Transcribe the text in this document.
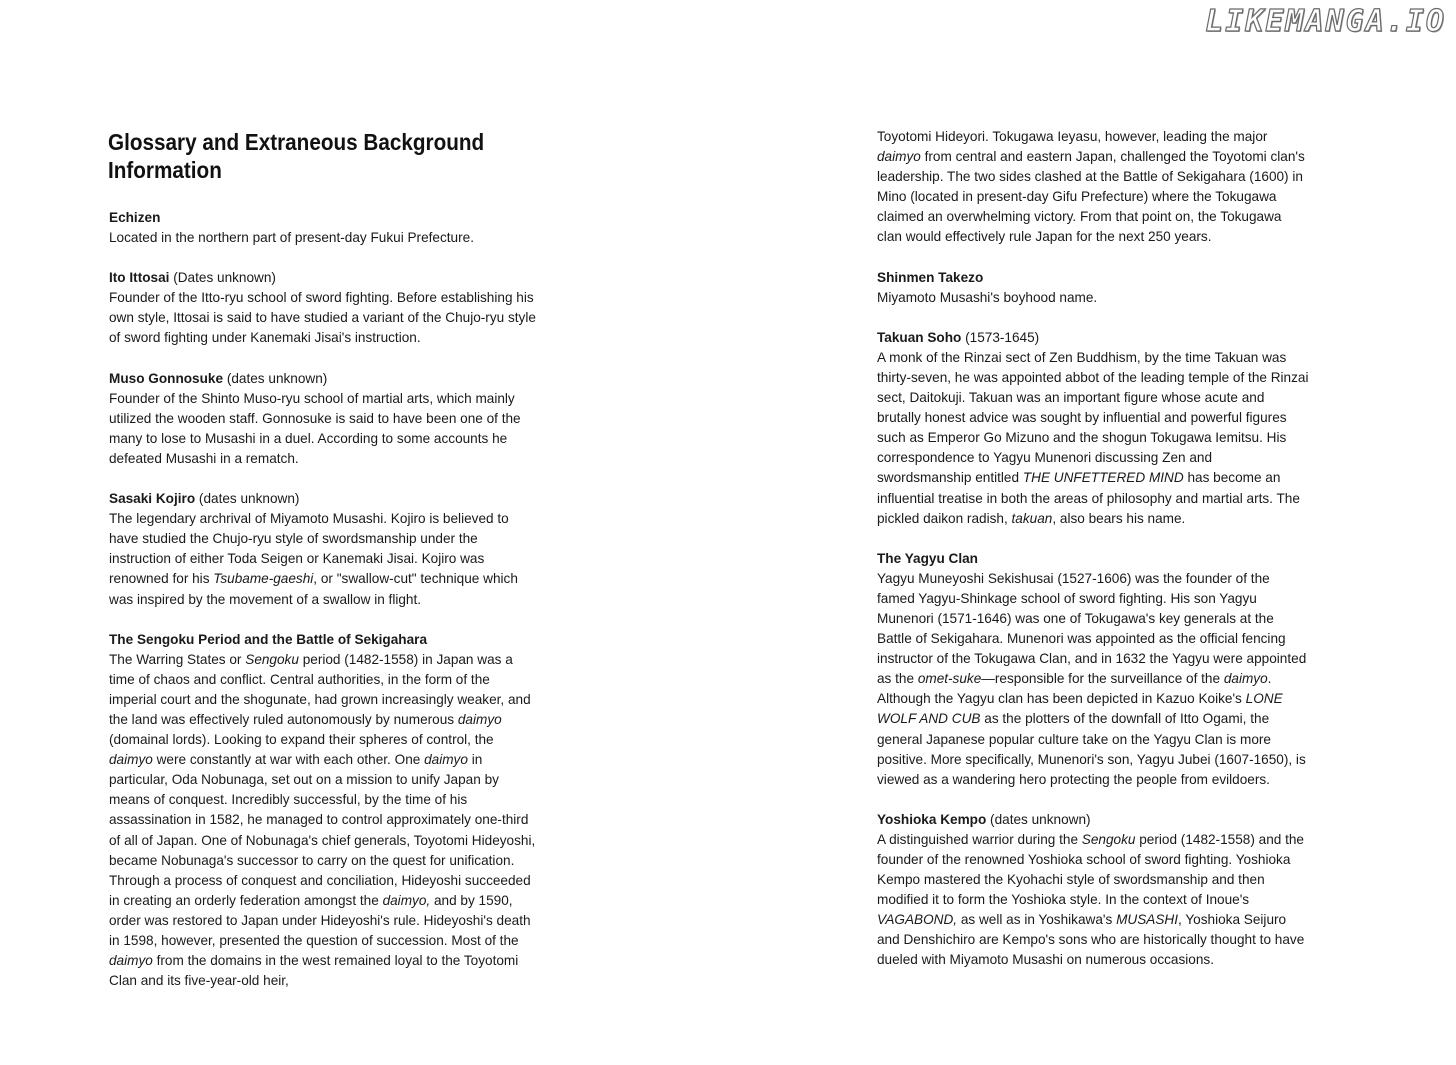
LIKEMANGA.IO
Glossary and Extraneous Background Information
Echizen

Located in the northern part of present-day Fukui Prefecture.

Ito Ittosai (Dates unknown)

Founder of the Itto-ryu school of sword fighting. Before establishing his own style, Ittosai is said to have studied a variant of the Chujo-ryu style of sword fighting under Kanemaki Jisai's instruction.

Muso Gonnosuke (dates unknown)

Founder of the Shinto Muso-ryu school of martial arts, which mainly utilized the wooden staff. Gonnosuke is said to have been one of the many to lose to Musashi in a duel. According to some accounts he defeated Musashi in a rematch.

Sasaki Kojiro (dates unknown)

The legendary archrival of Miyamoto Musashi. Kojiro is believed to have studied the Chujo-ryu style of swordsmanship under the instruction of either Toda Seigen or Kanemaki Jisai. Kojiro was renowned for his Tsubame-gaeshi, or "swallow-cut" technique which was inspired by the movement of a swallow in flight.

The Sengoku Period and the Battle of Sekigahara

The Warring States or Sengoku period (1482-1558) in Japan was a time of chaos and conflict. Central authorities, in the form of the imperial court and the shogunate, had grown increasingly weaker, and the land was effectively ruled autonomously by numerous daimyo (domainal lords). Looking to expand their spheres of control, the daimyo were constantly at war with each other. One daimyo in particular, Oda Nobunaga, set out on a mission to unify Japan by means of conquest. Incredibly successful, by the time of his assassination in 1582, he managed to control approximately one-third of all of Japan. One of Nobunaga's chief generals, Toyotomi Hideyoshi, became Nobunaga's successor to carry on the quest for unification. Through a process of conquest and conciliation, Hideyoshi succeeded in creating an orderly federation amongst the daimyo, and by 1590, order was restored to Japan under Hideyoshi's rule. Hideyoshi's death in 1598, however, presented the question of succession. Most of the daimyo from the domains in the west remained loyal to the Toyotomi Clan and its five-year-old heir,

Toyotomi Hideyori. Tokugawa Ieyasu, however, leading the major daimyo from central and eastern Japan, challenged the Toyotomi clan's leadership. The two sides clashed at the Battle of Sekigahara (1600) in Mino (located in present-day Gifu Prefecture) where the Tokugawa claimed an overwhelming victory. From that point on, the Tokugawa clan would effectively rule Japan for the next 250 years.

Shinmen Takezo

Miyamoto Musashi's boyhood name.

Takuan Soho (1573-1645)

A monk of the Rinzai sect of Zen Buddhism, by the time Takuan was thirty-seven, he was appointed abbot of the leading temple of the Rinzai sect, Daitokuji. Takuan was an important figure whose acute and brutally honest advice was sought by influential and powerful figures such as Emperor Go Mizuno and the shogun Tokugawa Iemitsu. His correspondence to Yagyu Munenori discussing Zen and swordsmanship entitled THE UNFETTERED MIND has become an influential treatise in both the areas of philosophy and martial arts. The pickled daikon radish, takuan, also bears his name.

The Yagyu Clan

Yagyu Muneyoshi Sekishusai (1527-1606) was the founder of the famed Yagyu-Shinkage school of sword fighting. His son Yagyu Munenori (1571-1646) was one of Tokugawa's key generals at the Battle of Sekigahara. Munenori was appointed as the official fencing instructor of the Tokugawa Clan, and in 1632 the Yagyu were appointed as the omet-suke—responsible for the surveillance of the daimyo. Although the Yagyu clan has been depicted in Kazuo Koike's LONE WOLF AND CUB as the plotters of the downfall of Itto Ogami, the general Japanese popular culture take on the Yagyu Clan is more positive. More specifically, Munenori's son, Yagyu Jubei (1607-1650), is viewed as a wandering hero protecting the people from evildoers.

Yoshioka Kempo (dates unknown)

A distinguished warrior during the Sengoku period (1482-1558) and the founder of the renowned Yoshioka school of sword fighting. Yoshioka Kempo mastered the Kyohachi style of swordsmanship and then modified it to form the Yoshioka style. In the context of Inoue's VAGABOND, as well as in Yoshikawa's MUSASHI, Yoshioka Seijuro and Denshichiro are Kempo's sons who are historically thought to have dueled with Miyamoto Musashi on numerous occasions.
